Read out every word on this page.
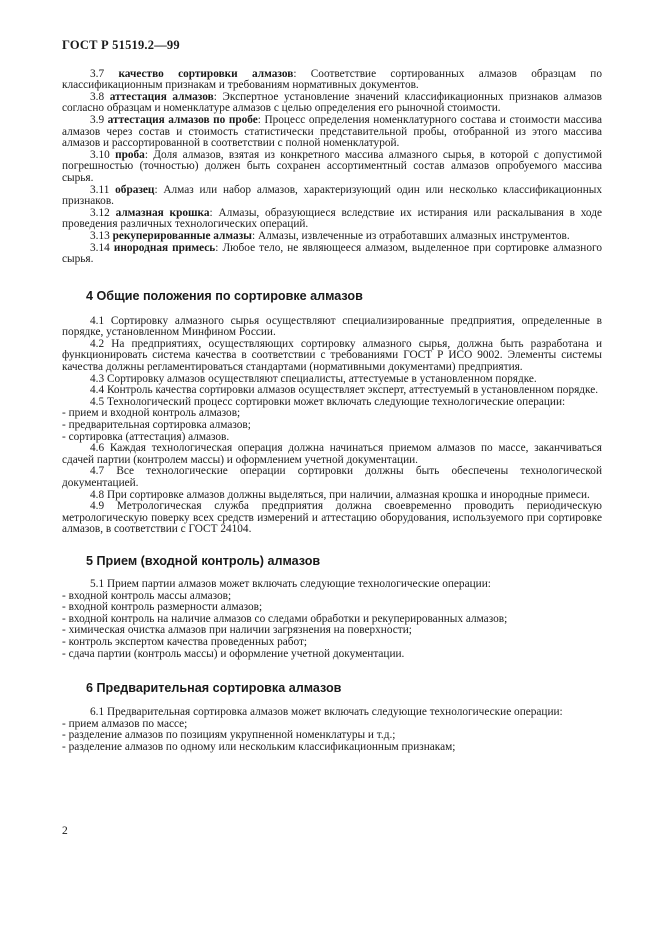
ГОСТ Р 51519.2—99

3.7 качество сортировки алмазов: Соответствие сортированных алмазов образцам по классификационным признакам и требованиям нормативных документов.

3.8 аттестация алмазов: Экспертное установление значений классификационных признаков алмазов согласно образцам и номенклатуре алмазов с целью определения его рыночной стоимости.

3.9 аттестация алмазов по пробе: Процесс определения номенклатурного состава и стоимости массива алмазов через состав и стоимость статистически представительной пробы, отобранной из этого массива алмазов и рассортированной в соответствии с полной номенклатурой.

3.10 проба: Доля алмазов, взятая из конкретного массива алмазного сырья, в которой с допустимой погрешностью (точностью) должен быть сохранен ассортиментный состав алмазов опробуемого массива сырья.

3.11 образец: Алмаз или набор алмазов, характеризующий один или несколько классификационных признаков.

3.12 алмазная крошка: Алмазы, образующиеся вследствие их истирания или раскалывания в ходе проведения различных технологических операций.

3.13 рекуперированные алмазы: Алмазы, извлеченные из отработавших алмазных инструментов.

3.14 инородная примесь: Любое тело, не являющееся алмазом, выделенное при сортировке алмазного сырья.

4 Общие положения по сортировке алмазов

4.1 Сортировку алмазного сырья осуществляют специализированные предприятия, определенные в порядке, установленном Минфином России.

4.2 На предприятиях, осуществляющих сортировку алмазного сырья, должна быть разработана и функционировать система качества в соответствии с требованиями ГОСТ Р ИСО 9002. Элементы системы качества должны регламентироваться стандартами (нормативными документами) предприятия.

4.3 Сортировку алмазов осуществляют специалисты, аттестуемые в установленном порядке.

4.4 Контроль качества сортировки алмазов осуществляет эксперт, аттестуемый в установленном порядке.

4.5 Технологический процесс сортировки может включать следующие технологические операции:

- прием и входной контроль алмазов;
- предварительная сортировка алмазов;
- сортировка (аттестация) алмазов.

4.6 Каждая технологическая операция должна начинаться приемом алмазов по массе, заканчиваться сдачей партии (контролем массы) и оформлением учетной документации.

4.7 Все технологические операции сортировки должны быть обеспечены технологической документацией.

4.8 При сортировке алмазов должны выделяться, при наличии, алмазная крошка и инородные примеси.

4.9 Метрологическая служба предприятия должна своевременно проводить периодическую метрологическую поверку всех средств измерений и аттестацию оборудования, используемого при сортировке алмазов, в соответствии с ГОСТ 24104.

5 Прием (входной контроль) алмазов

5.1 Прием партии алмазов может включать следующие технологические операции:

- входной контроль массы алмазов;
- входной контроль размерности алмазов;
- входной контроль на наличие алмазов со следами обработки и рекуперированных алмазов;
- химическая очистка алмазов при наличии загрязнения на поверхности;
- контроль экспертом качества проведенных работ;
- сдача партии (контроль массы) и оформление учетной документации.
6 Предварительная сортировка алмазов

6.1 Предварительная сортировка алмазов может включать следующие технологические операции:

- прием алмазов по массе;
- разделение алмазов по позициям укрупненной номенклатуры и т.д.;
- разделение алмазов по одному или нескольким классификационным признакам;
2
